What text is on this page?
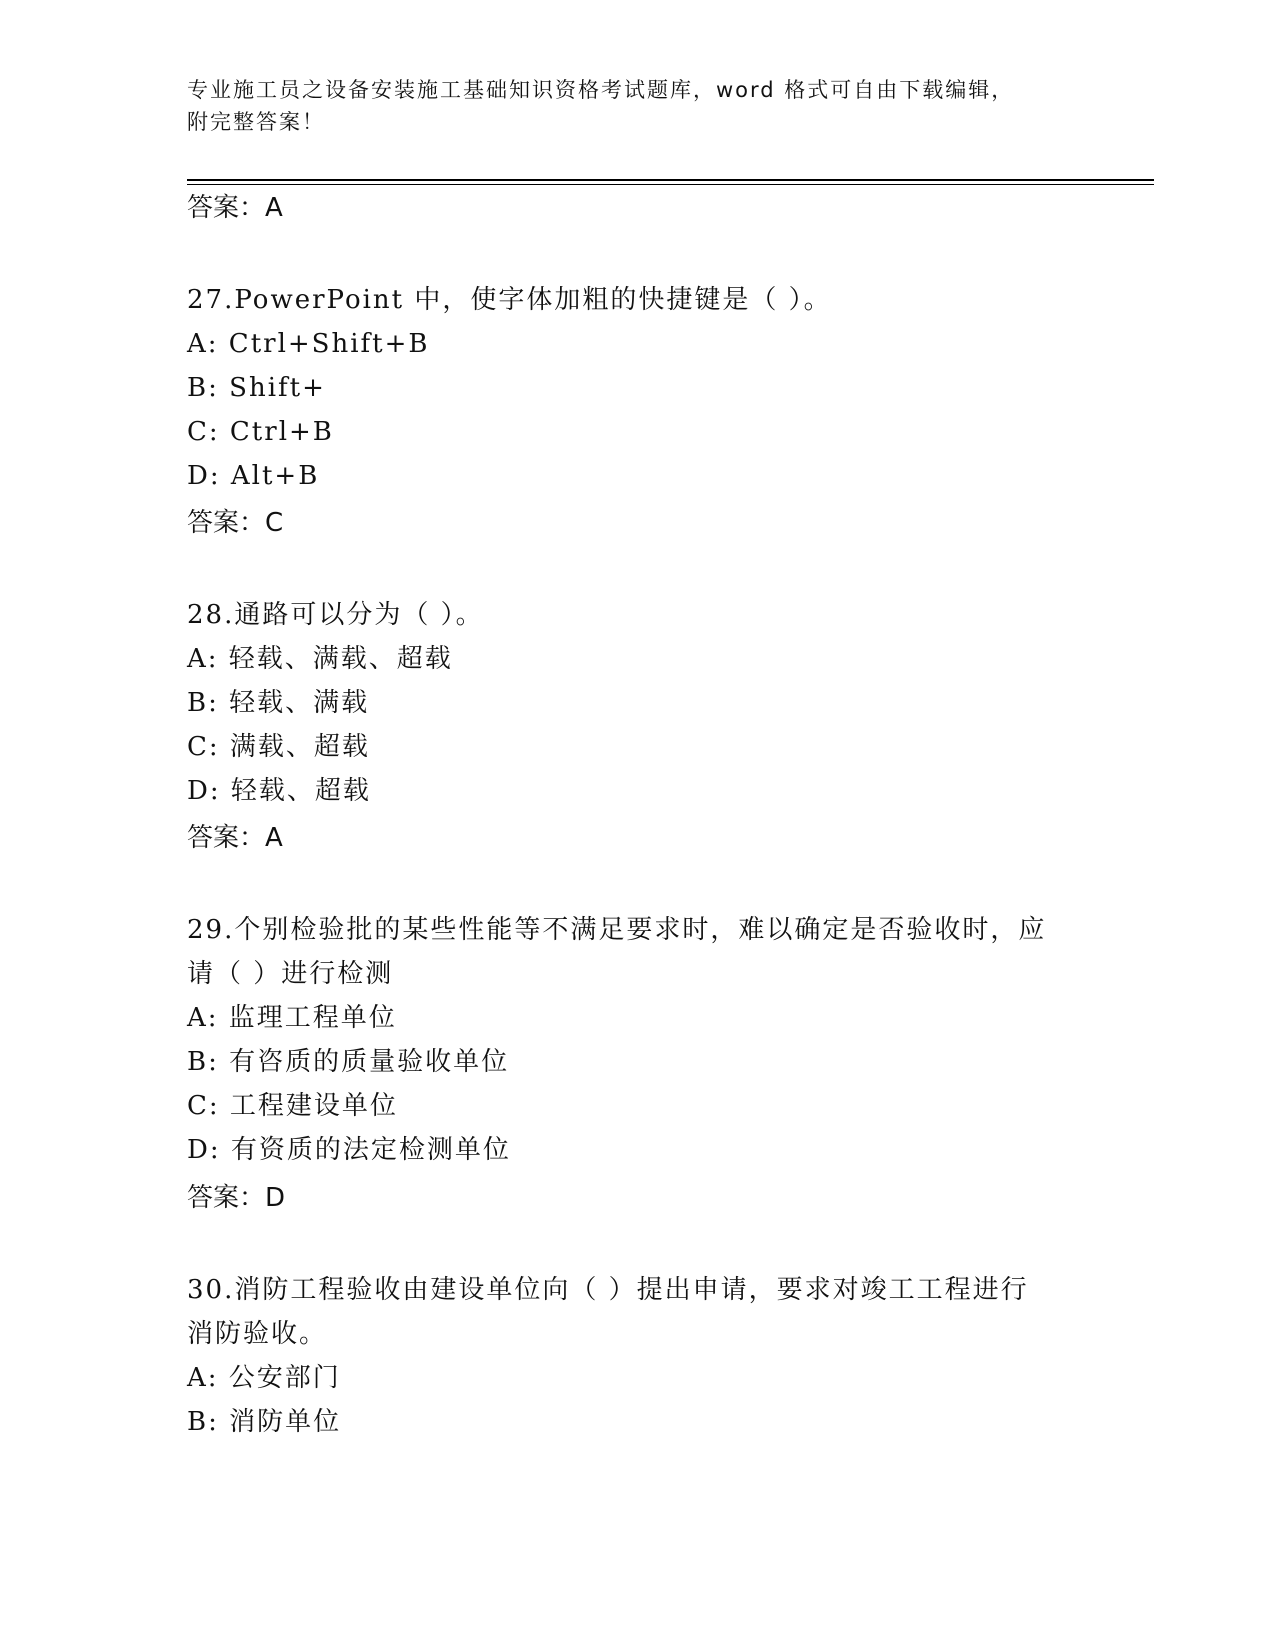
专业施工员之设备安装施工基础知识资格考试题库，word 格式可自由下载编辑，
附完整答案！
答案：A
27.PowerPoint 中，使字体加粗的快捷键是（ ）。
A: Ctrl+Shift+B
B: Shift+
C: Ctrl+B
D: Alt+B
答案：C
28.通路可以分为（ ）。
A: 轻载、满载、超载
B: 轻载、满载
C: 满载、超载
D: 轻载、超载
答案：A
29.个别检验批的某些性能等不满足要求时，难以确定是否验收时，应
请（ ）进行检测
A: 监理工程单位
B: 有咨质的质量验收单位
C: 工程建设单位
D: 有资质的法定检测单位
答案：D
30.消防工程验收由建设单位向（ ）提出申请，要求对竣工工程进行
消防验收。
A: 公安部门
B: 消防单位
